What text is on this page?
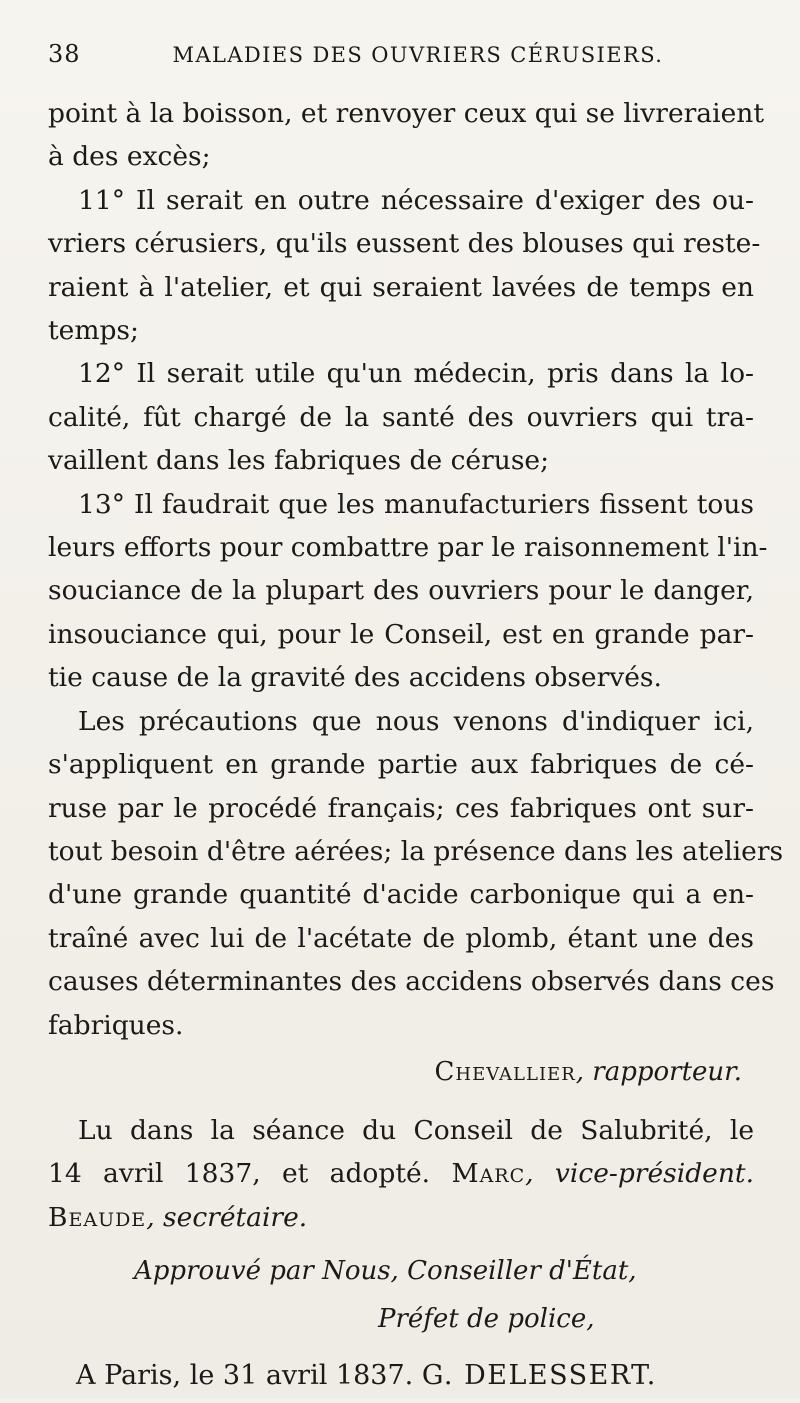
38	MALADIES DES OUVRIERS CÉRUSIERS.
point à la boisson, et renvoyer ceux qui se livreraient
à des excès;
11° Il serait en outre nécessaire d'exiger des ou-
vriers cérusiers, qu'ils eussent des blouses qui reste-
raient à l'atelier, et qui seraient lavées de temps en
temps;
12° Il serait utile qu'un médecin, pris dans la lo-
calité, fût chargé de la santé des ouvriers qui tra-
vaillent dans les fabriques de céruse;
13° Il faudrait que les manufacturiers fissent tous
leurs efforts pour combattre par le raisonnement l'in-
souciance de la plupart des ouvriers pour le danger,
insouciance qui, pour le Conseil, est en grande par-
tie cause de la gravité des accidens observés.
Les précautions que nous venons d'indiquer ici,
s'appliquent en grande partie aux fabriques de cé-
ruse par le procédé français; ces fabriques ont sur-
tout besoin d'être aérées; la présence dans les ateliers
d'une grande quantité d'acide carbonique qui a en-
traîné avec lui de l'acétate de plomb, étant une des
causes déterminantes des accidens observés dans ces
fabriques.
Chevallier, rapporteur.
Lu dans la séance du Conseil de Salubrité, le
14 avril 1837, et adopté. Marc, vice-président.
Beaude, secrétaire.
Approuvé par Nous, Conseiller d'État,
Préfet de police,
A Paris, le 31 avril 1837. G. DELESSERT.
